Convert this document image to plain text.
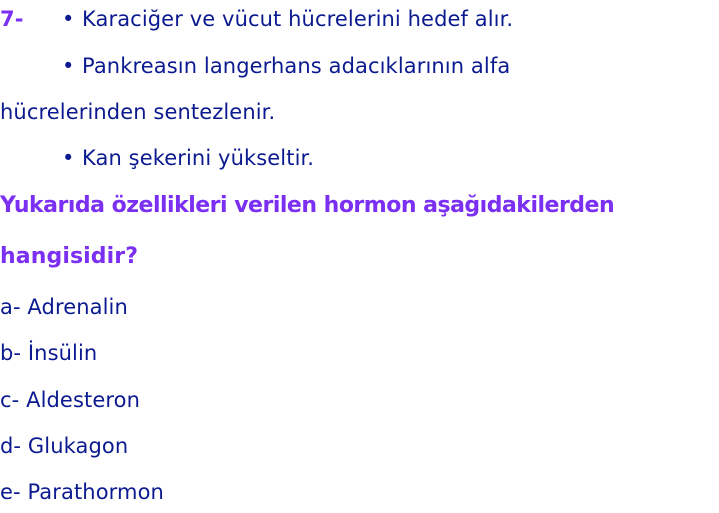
7- • Karaciğer ve vücut hücrelerini hedef alır.
• Pankreasın langerhans adacıklarının alfa
hücrelerinden sentezlenir.
• Kan şekerini yükseltir.
Yukarıda özellikleri verilen hormon aşağıdakilerden
hangisidir?
a- Adrenalin
b- İnsülin
c- Aldesteron
d- Glukagon
e- Parathormon
